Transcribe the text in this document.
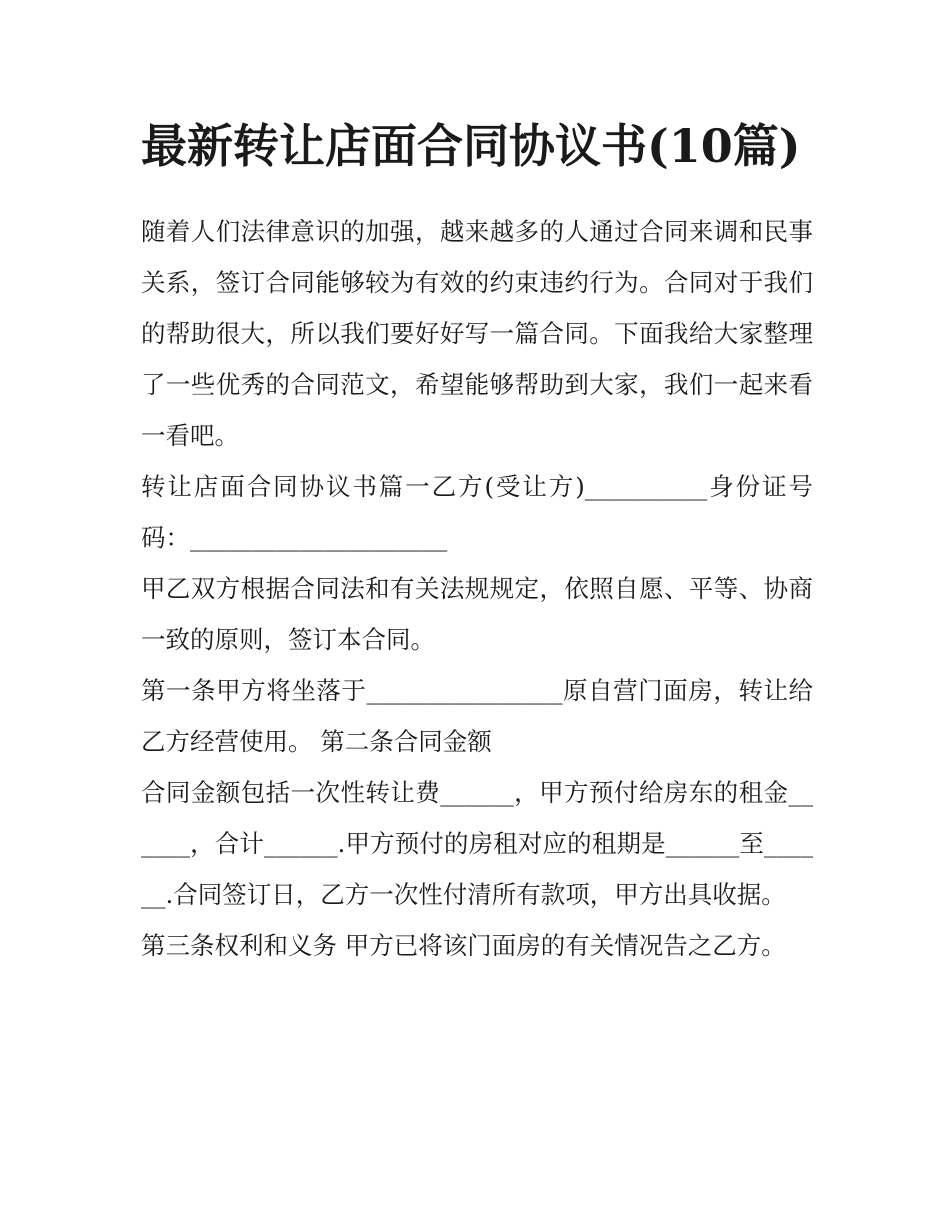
最新转让店面合同协议书(10篇)

随着人们法律意识的加强，越来越多的人通过合同来调和民事关系，签订合同能够较为有效的约束违约行为。合同对于我们的帮助很大，所以我们要好好写一篇合同。下面我给大家整理了一些优秀的合同范文，希望能够帮助到大家，我们一起来看一看吧。

转让店面合同协议书篇一乙方(受让方)__________身份证号码：_____________________

甲乙双方根据合同法和有关法规规定，依照自愿、平等、协商一致的原则，签订本合同。

第一条甲方将坐落于________________原自营门面房，转让给乙方经营使用。 第二条合同金额

合同金额包括一次性转让费______，甲方预付给房东的租金______，合计______.甲方预付的房租对应的租期是______至______.合同签订日，乙方一次性付清所有款项，甲方出具收据。

第三条权利和义务 甲方已将该门面房的有关情况告之乙方。
